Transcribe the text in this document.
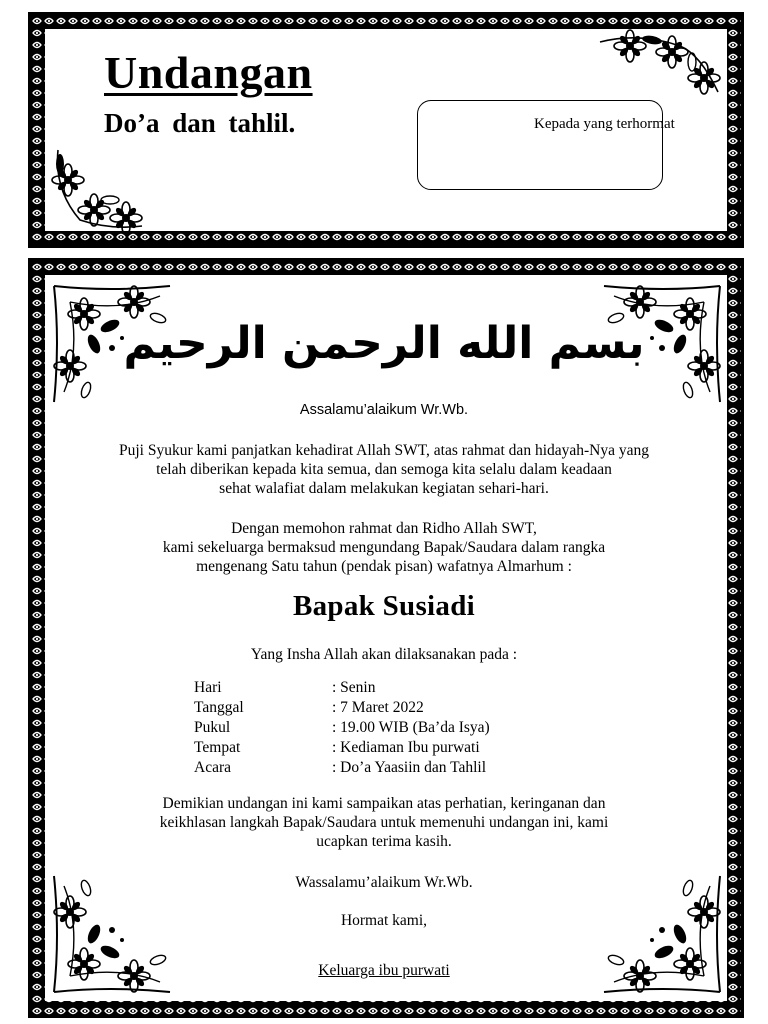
Undangan
Do’a dan tahlil.	Kepada yang terhormat
بسم الله الرحمن الرحيم
Assalamu’alaikum Wr.Wb.
Puji Syukur kami panjatkan kehadirat Allah SWT, atas rahmat dan hidayah-Nya yang
telah diberikan kepada kita semua, dan semoga kita selalu dalam keadaan
sehat walafiat dalam melakukan kegiatan sehari-hari.
Dengan memohon rahmat dan Ridho Allah SWT,
kami sekeluarga bermaksud mengundang Bapak/Saudara dalam rangka
mengenang Satu tahun (pendak pisan) wafatnya Almarhum :
Bapak Susiadi
Yang Insha Allah akan dilaksanakan pada :
Hari	: Senin
Tanggal	: 7 Maret 2022
Pukul	: 19.00 WIB (Ba’da Isya)
Tempat	: Kediaman Ibu purwati
Acara	: Do’a Yaasiin dan Tahlil
Demikian undangan ini kami sampaikan atas perhatian, keringanan dan
keikhlasan langkah Bapak/Saudara untuk memenuhi undangan ini, kami
ucapkan terima kasih.
Wassalamu’alaikum Wr.Wb.
Hormat kami,
Keluarga ibu purwati
